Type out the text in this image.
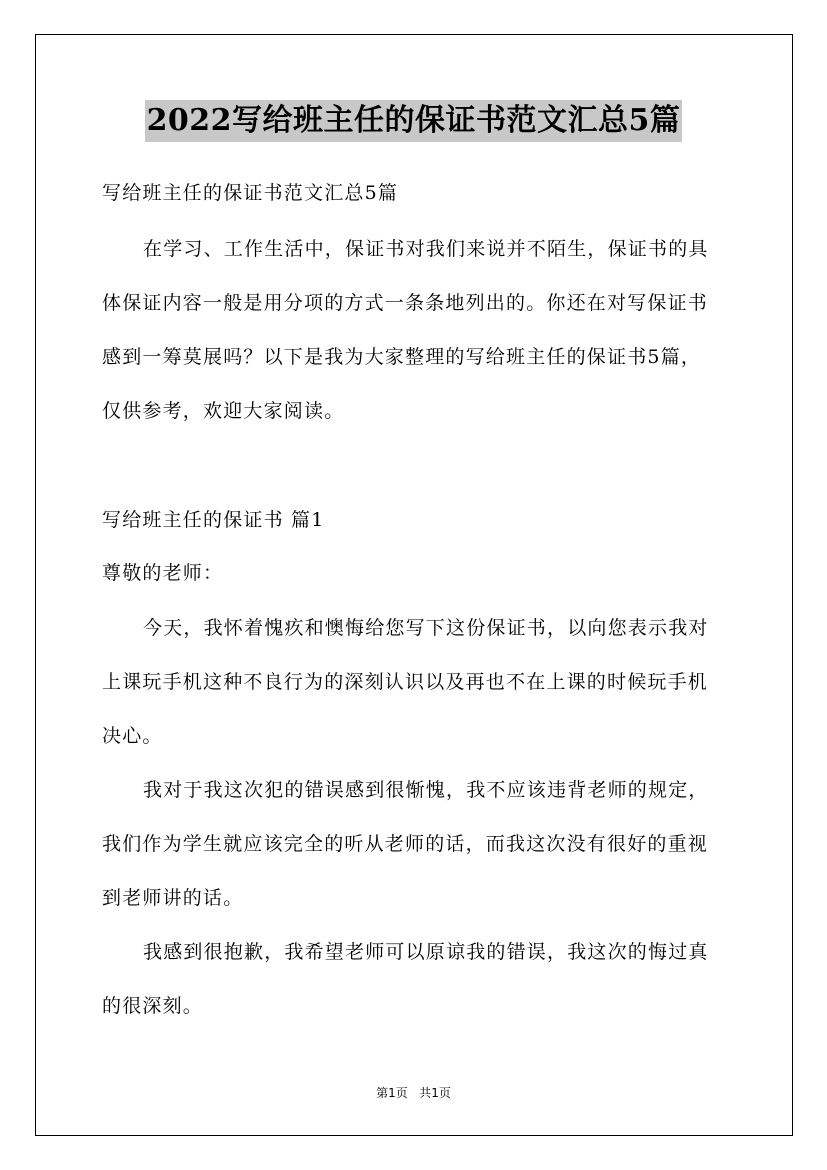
2022写给班主任的保证书范文汇总5篇
写给班主任的保证书范文汇总5篇
在学习、工作生活中，保证书对我们来说并不陌生，保证书的具
体保证内容一般是用分项的方式一条条地列出的。你还在对写保证书
感到一筹莫展吗？以下是我为大家整理的写给班主任的保证书5篇，
仅供参考，欢迎大家阅读。
写给班主任的保证书 篇1
尊敬的老师：
今天，我怀着愧疚和懊悔给您写下这份保证书，以向您表示我对
上课玩手机这种不良行为的深刻认识以及再也不在上课的时候玩手机
决心。
我对于我这次犯的错误感到很惭愧，我不应该违背老师的规定，
我们作为学生就应该完全的听从老师的话，而我这次没有很好的重视
到老师讲的话。
我感到很抱歉，我希望老师可以原谅我的错误，我这次的悔过真
的很深刻。
第1页 共1页
